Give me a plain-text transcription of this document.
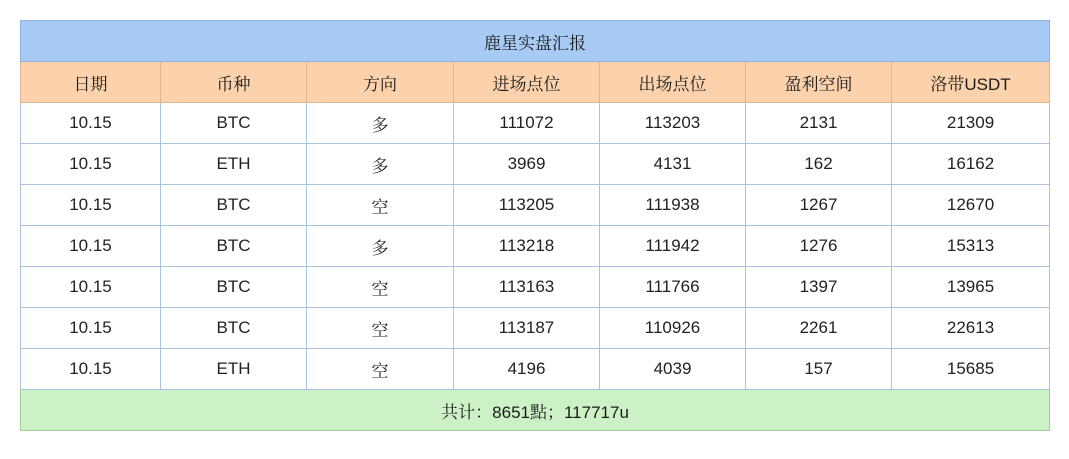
鹿星实盘汇报						
日期	币种	方向	进场点位	出场点位	盈利空间	洛带USDT
10.15	BTC	多	111072	113203	2131	21309
10.15	ETH	多	3969	4131	162	16162
10.15	BTC	空	113205	111938	1267	12670
10.15	BTC	多	113218	111942	1276	15313
10.15	BTC	空	113163	111766	1397	13965
10.15	BTC	空	113187	110926	2261	22613
10.15	ETH	空	4196	4039	157	15685
共计：8651點；117717u						
